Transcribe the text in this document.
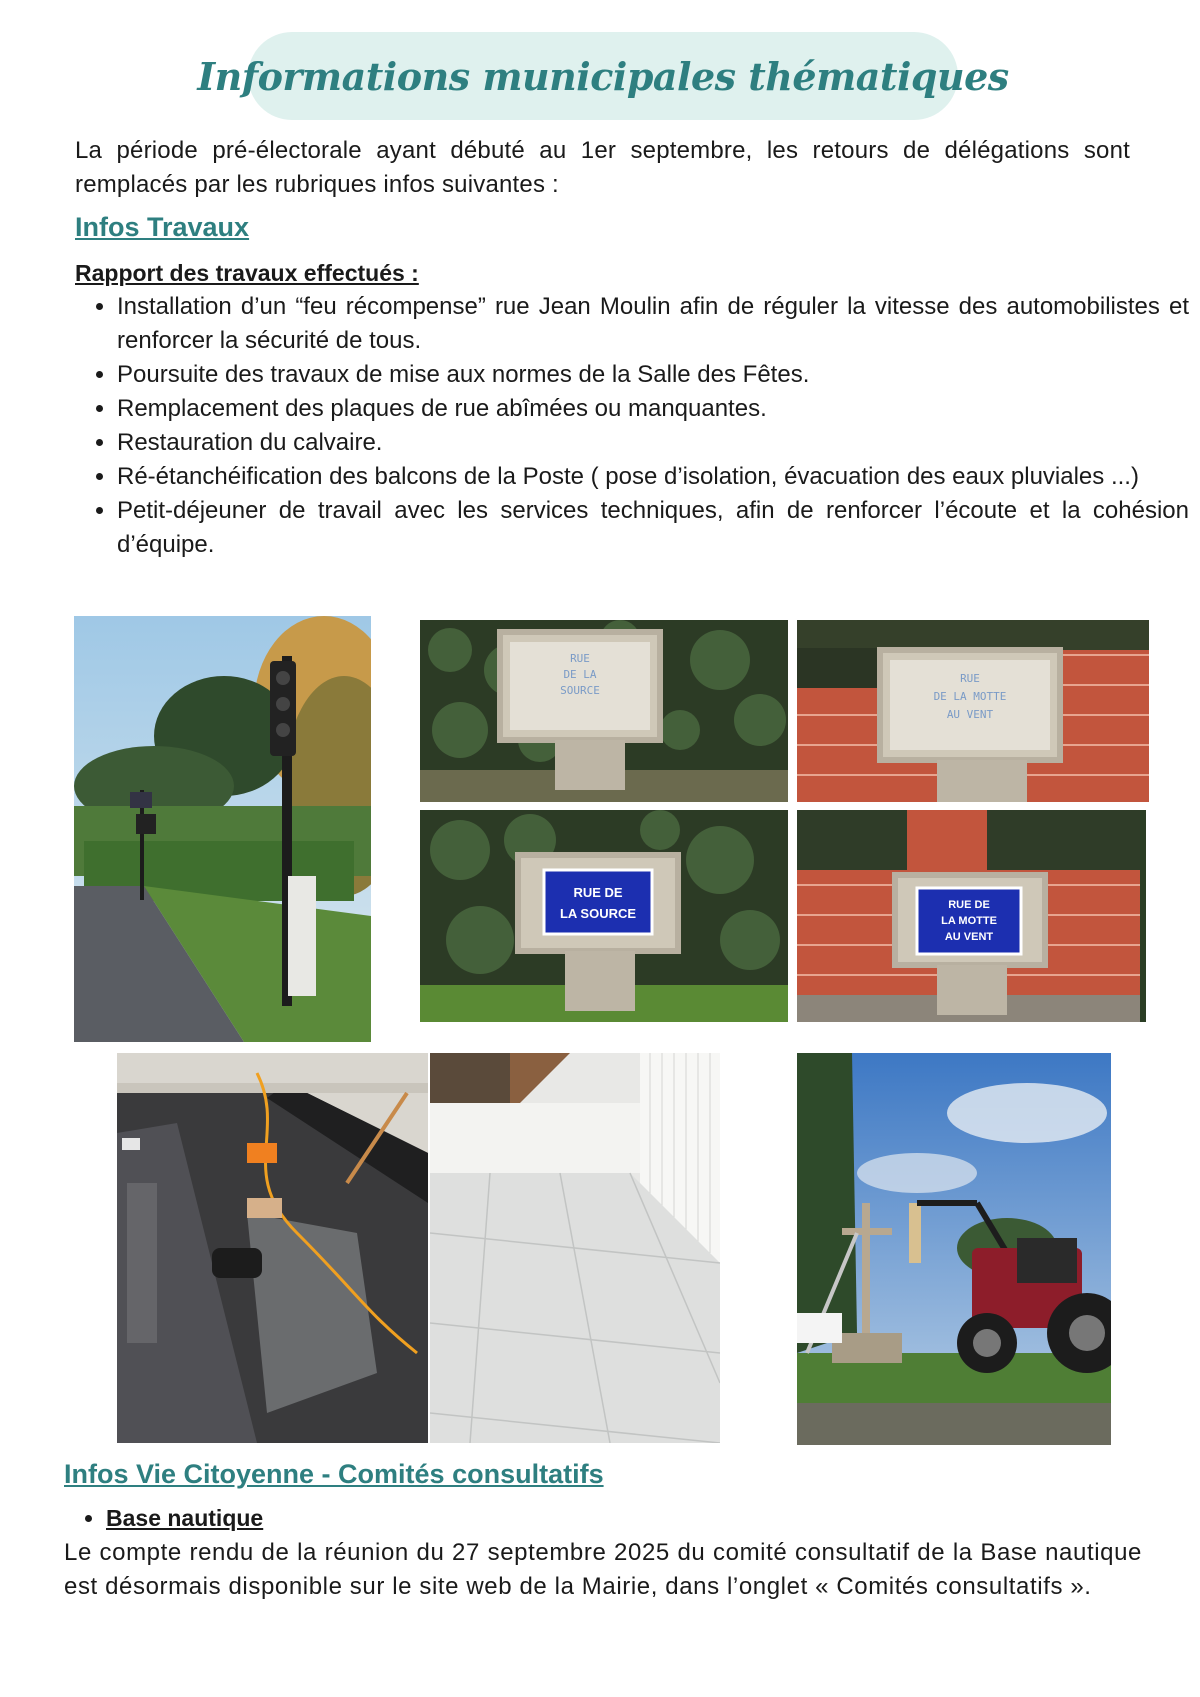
Informations municipales thématiques
La période pré-électorale ayant débuté au 1er septembre, les retours de délégations sont remplacés par les rubriques infos suivantes :
Infos Travaux
Rapport des travaux effectués :
• Installation d’un “feu récompense” rue Jean Moulin afin de réguler la vitesse des automobilistes et renforcer la sécurité de tous.
• Poursuite des travaux de mise aux normes de la Salle des Fêtes.
• Remplacement des plaques de rue abîmées ou manquantes.
• Restauration du calvaire.
• Ré-étanchéification des balcons de la Poste ( pose d’isolation, évacuation des eaux pluviales ...)
• Petit-déjeuner de travail avec les services techniques, afin de renforcer l’écoute et la cohésion d’équipe.
RUE
DE LA
SOURCE
RUE
DE LA MOTTE
AU VENT
RUE DE
LA SOURCE
RUE DE
LA MOTTE
AU VENT
Infos Vie Citoyenne - Comités consultatifs
• Base nautique
Le compte rendu de la réunion du 27 septembre 2025 du comité consultatif de la Base nautique est désormais disponible sur le site web de la Mairie, dans l’onglet « Comités consultatifs ».
